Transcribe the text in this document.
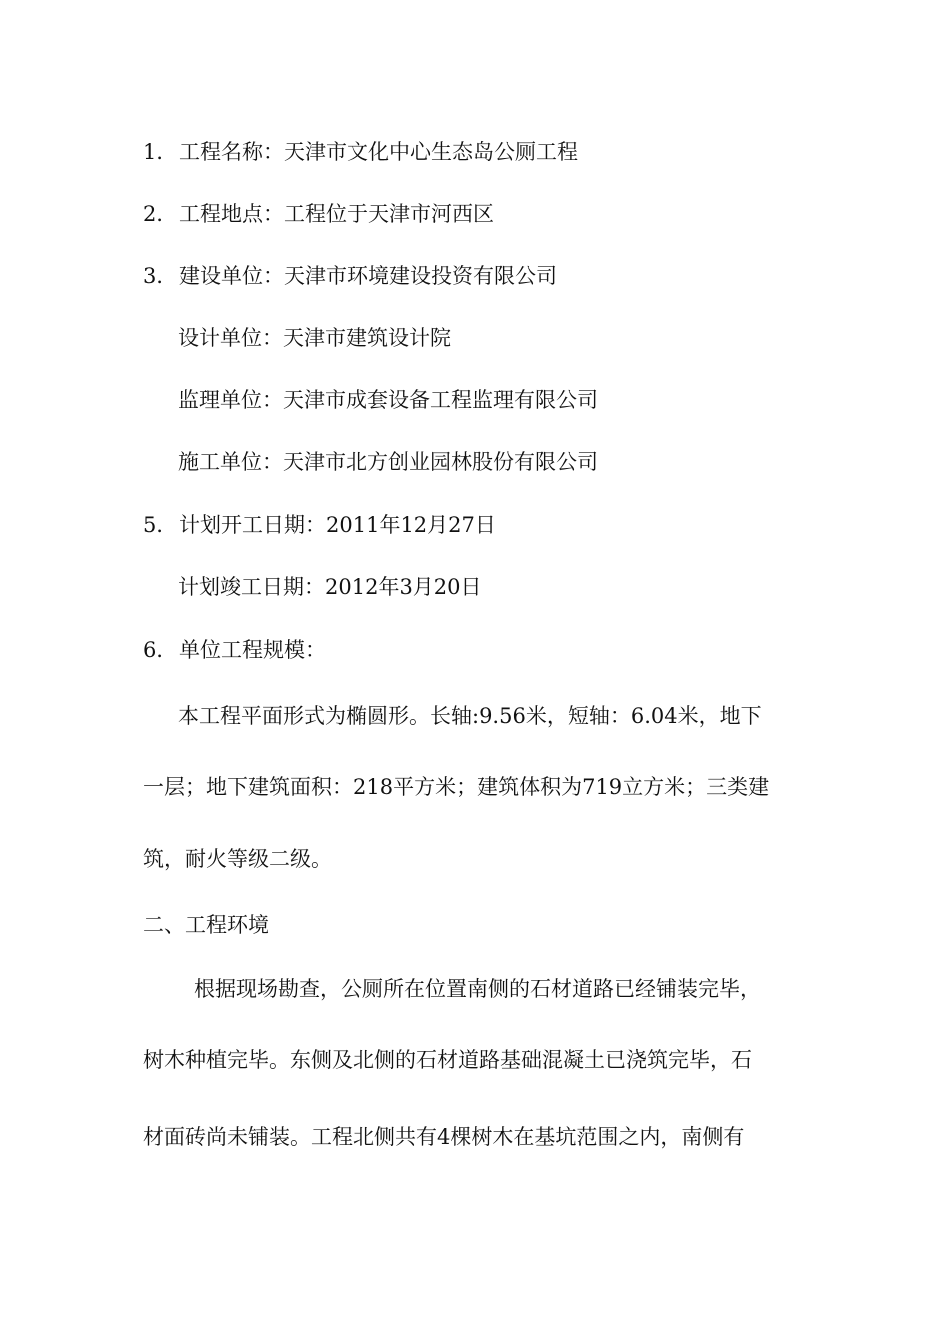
1．工程名称：天津市文化中心生态岛公厕工程
2．工程地点：工程位于天津市河西区
3．建设单位：天津市环境建设投资有限公司
设计单位：天津市建筑设计院
监理单位：天津市成套设备工程监理有限公司
施工单位：天津市北方创业园林股份有限公司
5．计划开工日期：2011年12月27日
计划竣工日期：2012年3月20日
6．单位工程规模：
本工程平面形式为椭圆形。长轴:9.56米，短轴：6.04米，地下
一层；地下建筑面积：218平方米；建筑体积为719立方米；三类建
筑，耐火等级二级。
二、工程环境
根据现场勘查，公厕所在位置南侧的石材道路已经铺装完毕，
树木种植完毕。东侧及北侧的石材道路基础混凝土已浇筑完毕，石
材面砖尚未铺装。工程北侧共有4棵树木在基坑范围之内，南侧有
